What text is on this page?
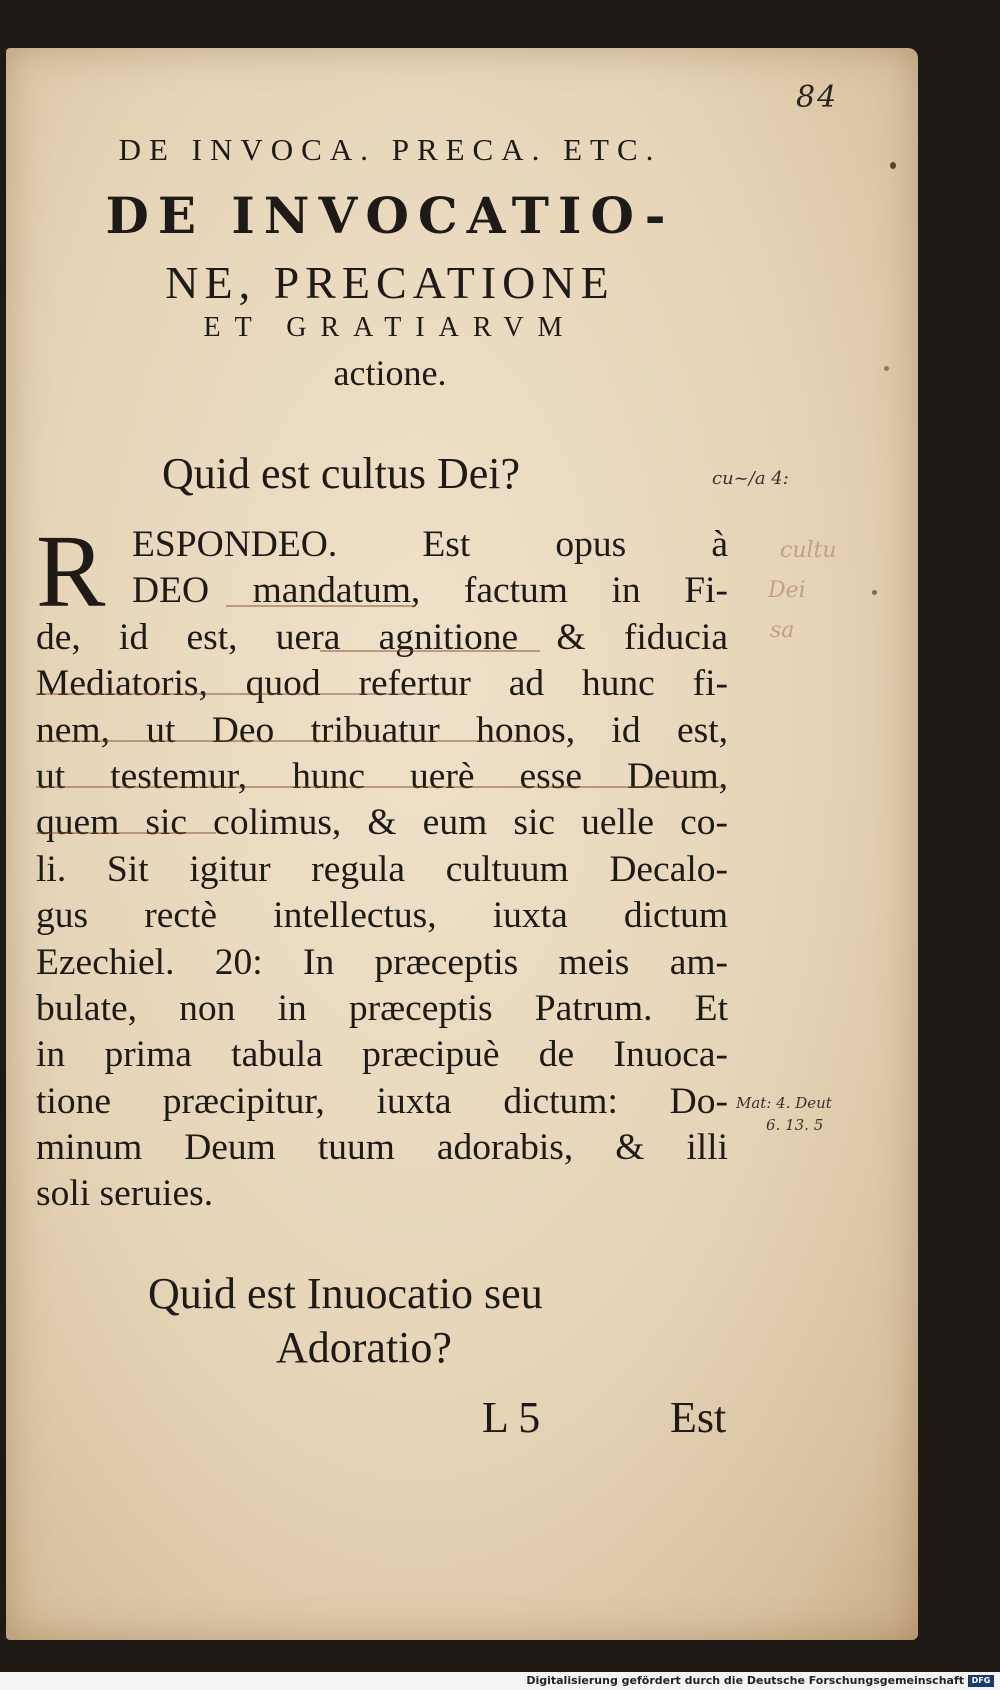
84
DE INVOCA. PRECA. ETC.
DE INVOCATIO-
NE, PRECATIONE
ET GRATIARVM
actione.
Quid est cultus Dei?
R ESPONDEO. Est opus à
DEO mandatum, factum in Fi-
de, id est, uera agnitione & fiducia
Mediatoris, quod refertur ad hunc fi-
nem, ut Deo tribuatur honos, id est,
ut testemur, hunc uerè esse Deum,
quem sic colimus, & eum sic uelle co-
li. Sit igitur regula cultuum Decalo-
gus rectè intellectus, iuxta dictum
Ezechiel. 20: In præceptis meis am-
bulate, non in præceptis Patrum. Et
in prima tabula præcipuè de Inuoca-
tione præcipitur, iuxta dictum: Do-
minum Deum tuum adorabis, & illi
soli seruies.
Quid est Inuocatio seu
Adoratio?
L 5	Est
cu~/a 4:
Mat: 4. Deut
6. 13. 5
cultu
Dei
sa
Digitalisierung gefördert durch die Deutsche Forschungsgemeinschaft DFG
